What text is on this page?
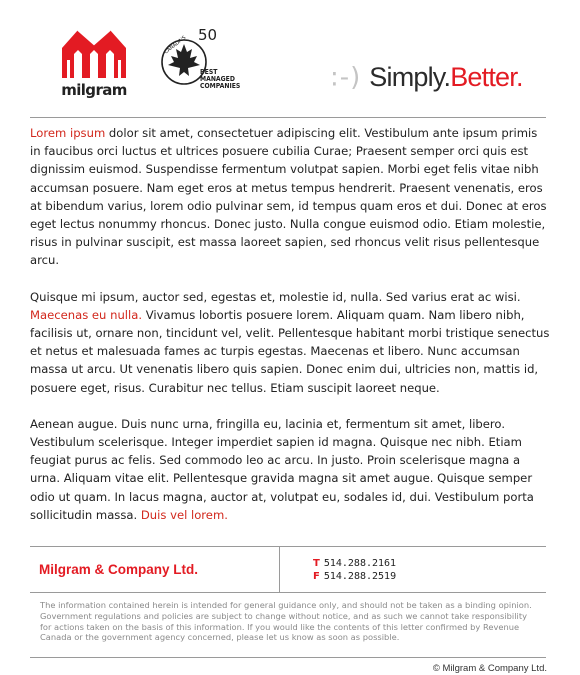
milgram
CANADA'S 50
BEST
MANAGED
COMPANIES	:-) Simply.Better.

Lorem ipsum dolor sit amet, consectetuer adipiscing elit. Vestibulum ante ipsum primis in faucibus orci luctus et ultrices posuere cubilia Curae; Praesent semper orci quis est dignissim euismod. Suspendisse fermentum volutpat sapien. Morbi eget felis vitae nibh accumsan posuere. Nam eget eros at metus tempus hendrerit. Praesent venenatis, eros at bibendum varius, lorem odio pulvinar sem, id tempus quam eros et dui. Donec at eros eget lectus nonummy rhoncus. Donec justo. Nulla congue euismod odio. Etiam molestie, risus in pulvinar suscipit, est massa laoreet sapien, sed rhoncus velit risus pellentesque arcu.

Quisque mi ipsum, auctor sed, egestas et, molestie id, nulla. Sed varius erat ac wisi. Maecenas eu nulla. Vivamus lobortis posuere lorem. Aliquam quam. Nam libero nibh, facilisis ut, ornare non, tincidunt vel, velit. Pellentesque habitant morbi tristique senectus et netus et malesuada fames ac turpis egestas. Maecenas et libero. Nunc accumsan massa ut arcu. Ut venenatis libero quis sapien. Donec enim dui, ultricies non, mattis id, posuere eget, risus. Curabitur nec tellus. Etiam suscipit laoreet neque.

Aenean augue. Duis nunc urna, fringilla eu, lacinia et, fermentum sit amet, libero. Vestibulum scelerisque. Integer imperdiet sapien id magna. Quisque nec nibh. Etiam feugiat purus ac felis. Sed commodo leo ac arcu. In justo. Proin scelerisque magna a urna. Aliquam vitae elit. Pellentesque gravida magna sit amet augue. Quisque semper odio ut quam. In lacus magna, auctor at, volutpat eu, sodales id, dui. Vestibulum porta sollicitudin massa. Duis vel lorem.

Milgram & Company Ltd.	T 514.288.2161
F 514.288.2519
The information contained herein is intended for general guidance only, and should not be taken as a binding opinion. Government regulations and policies are subject to change without notice, and as such we cannot take responsibility for actions taken on the basis of this information. If you would like the contents of this letter confirmed by Revenue Canada or the government agency concerned, please let us know as soon as possible.
© Milgram & Company Ltd.
